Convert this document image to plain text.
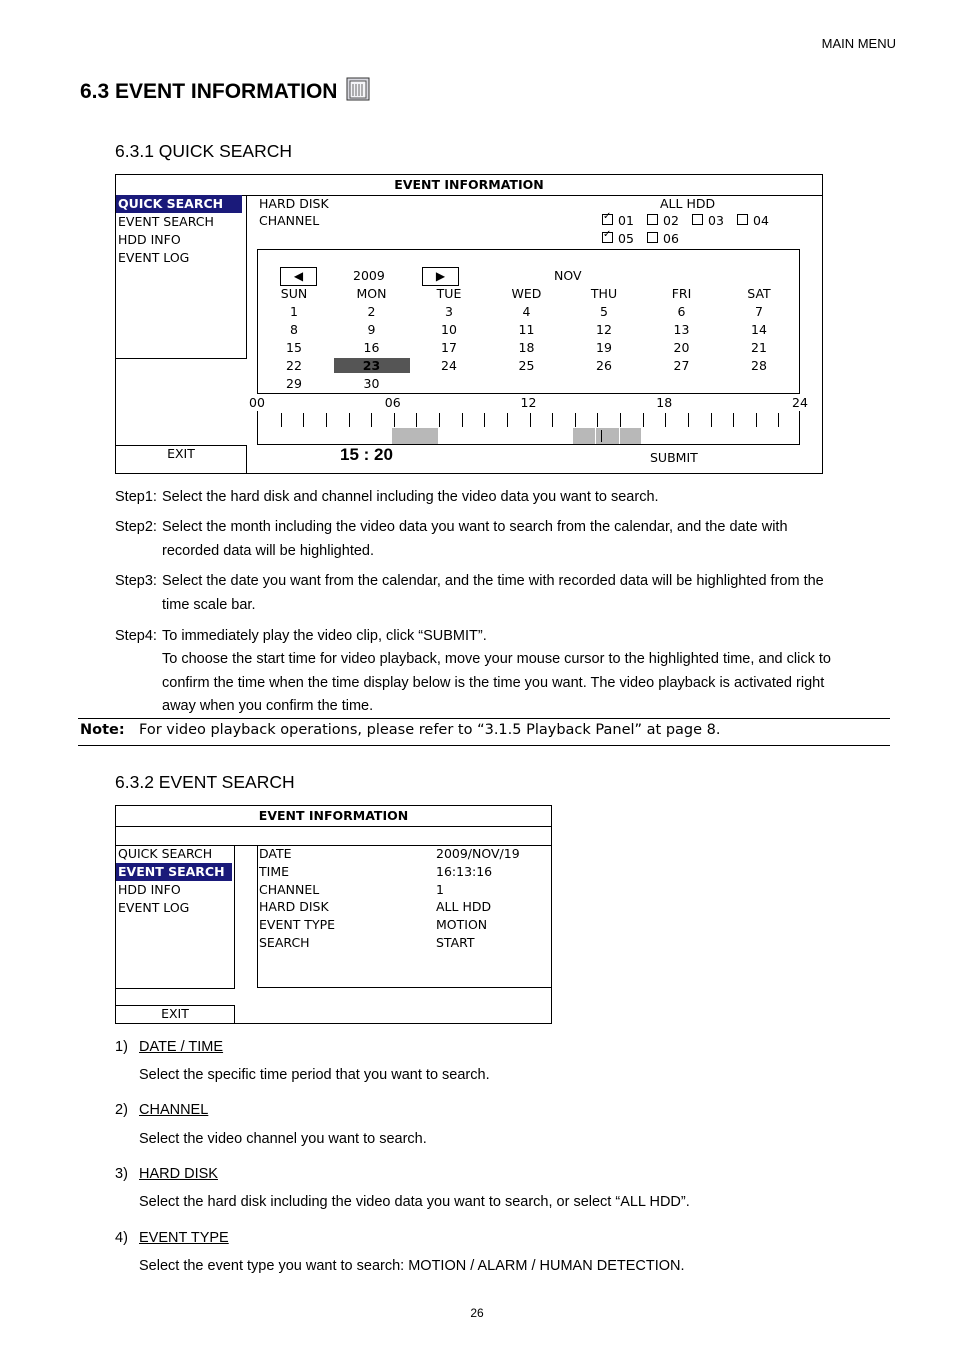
MAIN MENU
6.3 EVENT INFORMATION
6.3.1 QUICK SEARCH
EVENT INFORMATION
QUICK SEARCH
EVENT SEARCH
HDD INFO
EVENT LOG
EXIT
HARD DISK	ALL HDD
CHANNEL
✓	01	02	03	04
✓05	06
◀	2009	▶	NOV
SUN	MON	TUE	WED	THU	FRI	SAT
1	2	3	4	5	6	7
8	9	10	11	12	13	14
15	16	17	18	19	20	21
22	23	24	25	26	27	28
29	30
00	06	12	18	24
15 : 20	SUBMIT
Step1: Select the hard disk and channel including the video data you want to search.
Step2: Select the month including the video data you want to search from the calendar, and the date with
recorded data will be highlighted.
Step3: Select the date you want from the calendar, and the time with recorded data will be highlighted from the
time scale bar.
Step4: To immediately play the video clip, click “SUBMIT”.
To choose the start time for video playback, move your mouse cursor to the highlighted time, and click to
confirm the time when the time display below is the time you want. The video playback is activated right
away when you confirm the time.
Note: For video playback operations, please refer to “3.1.5 Playback Panel” at page 8.
6.3.2 EVENT SEARCH
EVENT INFORMATION
QUICK SEARCH
EVENT SEARCH
HDD INFO
EVENT LOG
EXIT
DATE
TIME
CHANNEL
HARD DISK
EVENT TYPE
SEARCH
2009/NOV/19
16:13:16
1
ALL HDD
MOTION
START
1) DATE / TIME
Select the specific time period that you want to search.
2) CHANNEL
Select the video channel you want to search.
3) HARD DISK
Select the hard disk including the video data you want to search, or select “ALL HDD”.
4) EVENT TYPE
Select the event type you want to search: MOTION / ALARM / HUMAN DETECTION.
26
